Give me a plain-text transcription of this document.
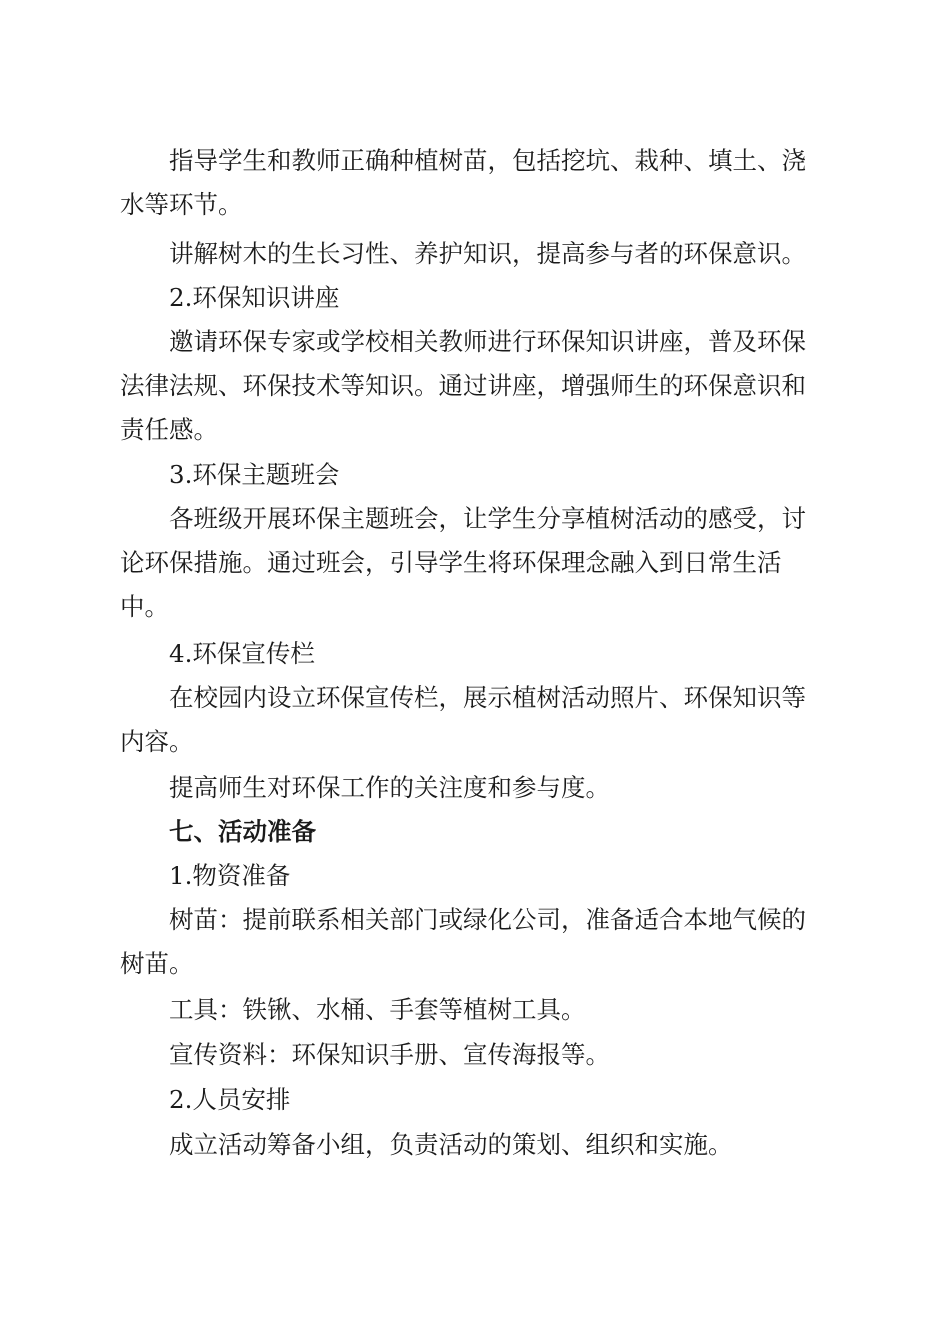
指导学生和教师正确种植树苗，包括挖坑、栽种、填土、浇水等环节。

讲解树木的生长习性、养护知识，提高参与者的环保意识。

2.环保知识讲座

邀请环保专家或学校相关教师进行环保知识讲座，普及环保法律法规、环保技术等知识。通过讲座，增强师生的环保意识和责任感。

3.环保主题班会

各班级开展环保主题班会，让学生分享植树活动的感受，讨论环保措施。通过班会，引导学生将环保理念融入到日常生活中。

4.环保宣传栏

在校园内设立环保宣传栏，展示植树活动照片、环保知识等内容。

提高师生对环保工作的关注度和参与度。

七、活动准备

1.物资准备

树苗：提前联系相关部门或绿化公司，准备适合本地气候的树苗。

工具：铁锹、水桶、手套等植树工具。

宣传资料：环保知识手册、宣传海报等。

2.人员安排

成立活动筹备小组，负责活动的策划、组织和实施。
